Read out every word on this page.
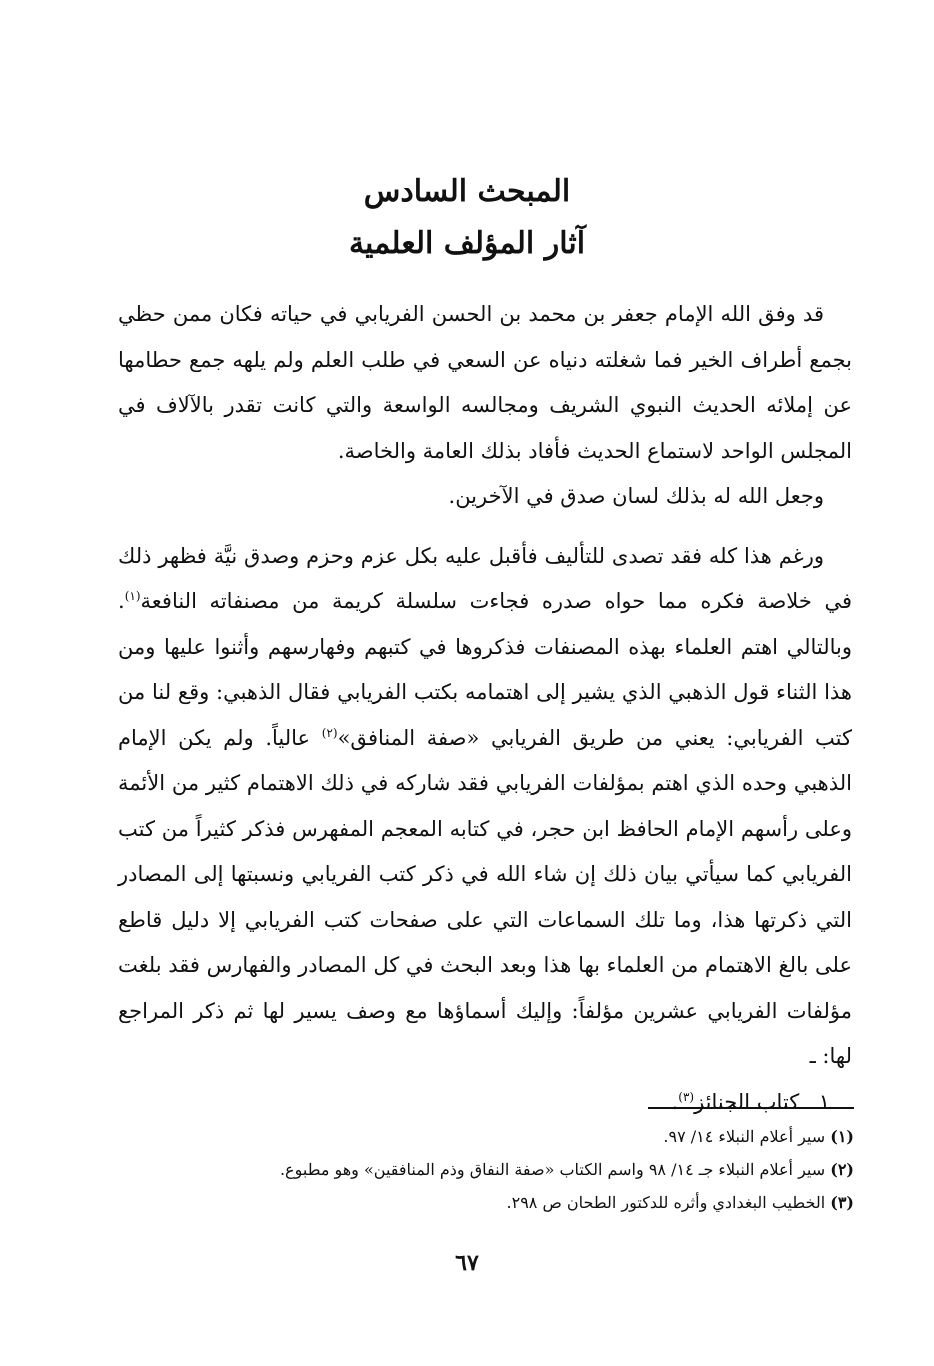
المبحث السادس
آثار المؤلف العلمية

قد وفق الله الإمام جعفر بن محمد بن الحسن الفريابي في حياته فكان ممن حظي بجمع أطراف الخير فما شغلته دنياه عن السعي في طلب العلم ولم يلهه جمع حطامها عن إملائه الحديث النبوي الشريف ومجالسه الواسعة والتي كانت تقدر بالآلاف في المجلس الواحد لاستماع الحديث فأفاد بذلك العامة والخاصة.

وجعل الله له بذلك لسان صدق في الآخرين.

ورغم هذا كله فقد تصدى للتأليف فأقبل عليه بكل عزم وحزم وصدق نيَّة فظهر ذلك في خلاصة فكره مما حواه صدره فجاءت سلسلة كريمة من مصنفاته النافعة$^{(١)}$. وبالتالي اهتم العلماء بهذه المصنفات فذكروها في كتبهم وفهارسهم وأثنوا عليها ومن هذا الثناء قول الذهبي الذي يشير إلى اهتمامه بكتب الفريابي فقال الذهبي: وقع لنا من كتب الفريابي: يعني من طريق الفريابي «صفة المنافق»$^{(٢)}$ عالياً. ولم يكن الإمام الذهبي وحده الذي اهتم بمؤلفات الفريابي فقد شاركه في ذلك الاهتمام كثير من الأئمة وعلى رأسهم الإمام الحافظ ابن حجر، في كتابه المعجم المفهرس فذكر كثيراً من كتب الفريابي كما سيأتي بيان ذلك إن شاء الله في ذكر كتب الفريابي ونسبتها إلى المصادر التي ذكرتها هذا، وما تلك السماعات التي على صفحات كتب الفريابي إلا دليل قاطع على بالغ الاهتمام من العلماء بها هذا وبعد البحث في كل المصادر والفهارس فقد بلغت مؤلفات الفريابي عشرين مؤلفاً: وإليك أسماؤها مع وصف يسير لها ثم ذكر المراجع لها: ـ

١ ـ كتاب الجنائز$^{(٣)}$.

(١) سير أعلام النبلاء ١٤/ ٩٧.
(٢) سير أعلام النبلاء جـ ١٤/ ٩٨ واسم الكتاب «صفة النفاق وذم المنافقين» وهو مطبوع.
(٣) الخطيب البغدادي وأثره للدكتور الطحان ص ٢٩٨.
٦٧
